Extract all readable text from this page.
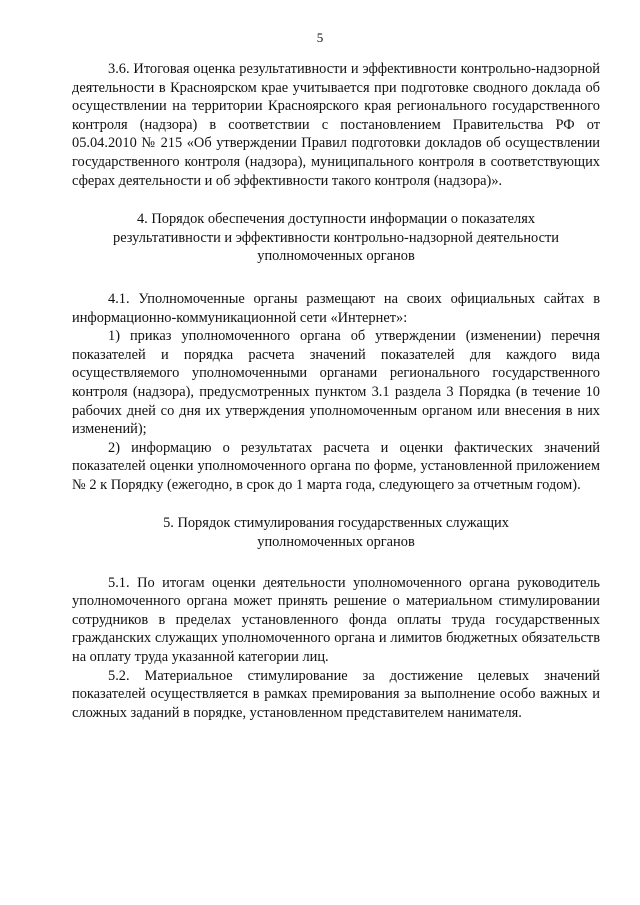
5

3.6. Итоговая оценка результативности и эффективности контрольно-надзорной деятельности в Красноярском крае учитывается при подготовке сводного доклада об осуществлении на территории Красноярского края регионального государственного контроля (надзора) в соответствии с постановлением Правительства РФ от 05.04.2010 № 215 «Об утверждении Правил подготовки докладов об осуществлении государственного контроля (надзора), муниципального контроля в соответствующих сферах деятельности и об эффективности такого контроля (надзора)».

4. Порядок обеспечения доступности информации о показателях
результативности и эффективности контрольно-надзорной деятельности
уполномоченных органов

4.1. Уполномоченные органы размещают на своих официальных сайтах в информационно-коммуникационной сети «Интернет»:

1) приказ уполномоченного органа об утверждении (изменении) перечня показателей и порядка расчета значений показателей для каждого вида осуществляемого уполномоченными органами регионального государственного контроля (надзора), предусмотренных пунктом 3.1 раздела 3 Порядка (в течение 10 рабочих дней со дня их утверждения уполномоченным органом или внесения в них изменений);

2) информацию о результатах расчета и оценки фактических значений показателей оценки уполномоченного органа по форме, установленной приложением № 2 к Порядку (ежегодно, в срок до 1 марта года, следующего за отчетным годом).

5. Порядок стимулирования государственных служащих
уполномоченных органов

5.1. По итогам оценки деятельности уполномоченного органа руководитель уполномоченного органа может принять решение о материальном стимулировании сотрудников в пределах установленного фонда оплаты труда государственных гражданских служащих уполномоченного органа и лимитов бюджетных обязательств на оплату труда указанной категории лиц.

5.2. Материальное стимулирование за достижение целевых значений показателей осуществляется в рамках премирования за выполнение особо важных и сложных заданий в порядке, установленном представителем нанимателя.
